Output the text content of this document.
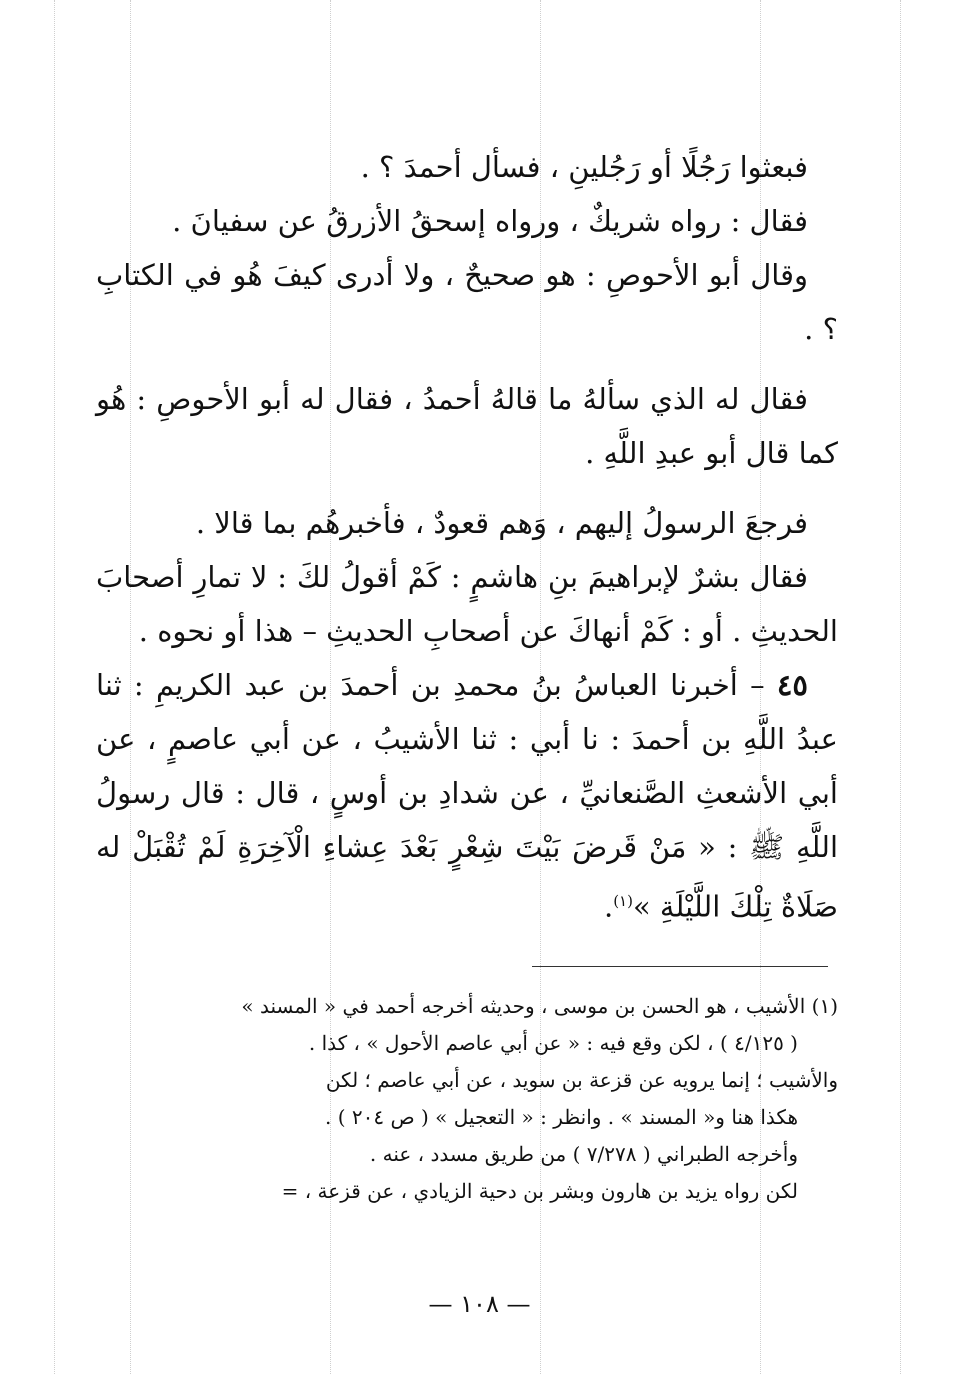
فبعثوا رَجُلًا أو رَجُلينِ ، فسأل أحمدَ ؟ .

فقال : رواه شريكٌ ، ورواه إسحقُ الأزرقُ عن سفيانَ .

وقال أبو الأحوصِ : هو صحيحٌ ، ولا أدرى كيفَ هُو في الكتابِ ؟ .

فقال له الذي سألهُ ما قالهُ أحمدُ ، فقال له أبو الأحوصِ : هُو كما قال أبو عبدِ اللَّهِ .

فرجعَ الرسولُ إليهم ، وَهم قعودٌ ، فأخبرهُم بما قالا .

فقال بشرٌ لإبراهيمَ بنِ هاشمٍ : كَمْ أقولُ لكَ : لا تمارِ أصحابَ الحديثِ . أو : كَمْ أنهاكَ عن أصحابِ الحديثِ – هذا أو نحوه .

٤٥ – أخبرنا العباسُ بنُ محمدِ بن أحمدَ بن عبد الكريمِ : ثنا عبدُ اللَّهِ بن أحمدَ : نا أبي : ثنا الأشيبُ ، عن أبي عاصمٍ ، عن أبي الأشعثِ الصَّنعانيِّ ، عن شدادِ بن أوسٍ ، قال : قال رسولُ اللَّهِ ﷺ : « مَنْ قَرضَ بَيْتَ شِعْرٍ بَعْدَ عِشاءِ الْآخِرَةِ لَمْ تُقْبَلْ له صَلَاةٌ تِلْكَ اللَّيْلَةِ »$^{(١)}$.

(١) الأشيب ، هو الحسن بن موسى ، وحديثه أخرجه أحمد في « المسند »

( ٤/١٢٥ ) ، لكن وقع فيه : « عن أبي عاصم الأحول » ، كذا .

والأشيب ؛ إنما يرويه عن قزعة بن سويد ، عن أبي عاصم ؛ لكن

هكذا هنا و« المسند » . وانظر : « التعجيل » ( ص ٢٠٤ ) .

وأخرجه الطبراني ( ٧/٢٧٨ ) من طريق مسدد ، عنه .

لكن رواه يزيد بن هارون وبشر بن دحية الزيادي ، عن قزعة ، =

— ١٠٨ —
